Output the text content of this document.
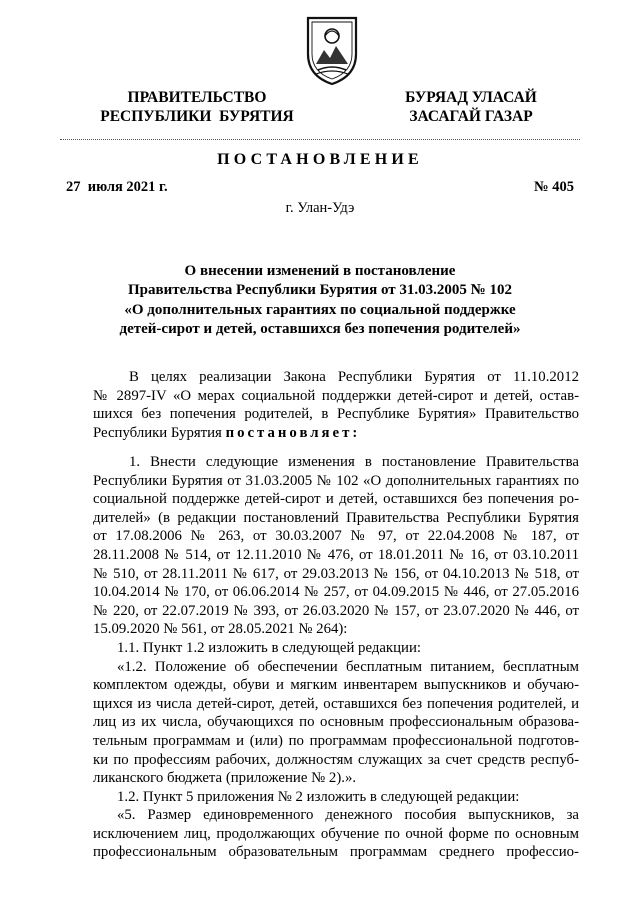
ПРАВИТЕЛЬСТВО
РЕСПУБЛИКИ  БУРЯТИЯ
БУРЯАД УЛАСАЙ
ЗАСАГАЙ ГАЗАР
ПОСТАНОВЛЕНИЕ
27  июля 2021 г.	№ 405
г. Улан-Удэ
О внесении изменений в постановление
Правительства Республики Бурятия от 31.03.2005 № 102
«О дополнительных гарантиях по социальной поддержке
детей-сирот и детей, оставшихся без попечения родителей»
В целях реализации Закона Республики Бурятия от 11.10.2012
№ 2897-IV «О мерах социальной поддержки детей-сирот и детей, остав-
шихся без попечения родителей, в Республике Бурятия» Правительство
Республики Бурятия постановляет:
1. Внести следующие изменения в постановление Правительства
Республики Бурятия от 31.03.2005 № 102 «О дополнительных гарантиях по
социальной поддержке детей-сирот и детей, оставшихся без попечения ро-
дителей» (в редакции постановлений Правительства Республики Бурятия
от 17.08.2006 № 263, от 30.03.2007 № 97, от 22.04.2008 № 187, от
28.11.2008 № 514, от 12.11.2010 № 476, от 18.01.2011 № 16, от 03.10.2011
№ 510, от 28.11.2011 № 617, от 29.03.2013 № 156, от 04.10.2013 № 518, от
10.04.2014 № 170, от 06.06.2014 № 257, от 04.09.2015 № 446, от 27.05.2016
№ 220, от 22.07.2019 № 393, от 26.03.2020 № 157, от 23.07.2020 № 446, от
15.09.2020 № 561, от 28.05.2021 № 264):
1.1. Пункт 1.2 изложить в следующей редакции:
«1.2. Положение об обеспечении бесплатным питанием, бесплатным
комплектом одежды, обуви и мягким инвентарем выпускников и обучаю-
щихся из числа детей-сирот, детей, оставшихся без попечения родителей, и
лиц из их числа, обучающихся по основным профессиональным образова-
тельным программам и (или) по программам профессиональной подготов-
ки по профессиям рабочих, должностям служащих за счет средств респуб-
ликанского бюджета (приложение № 2).».
1.2. Пункт 5 приложения № 2 изложить в следующей редакции:
«5. Размер единовременного денежного пособия выпускников, за
исключением лиц, продолжающих обучение по очной форме по основным
профессиональным образовательным программам среднего профессио-
